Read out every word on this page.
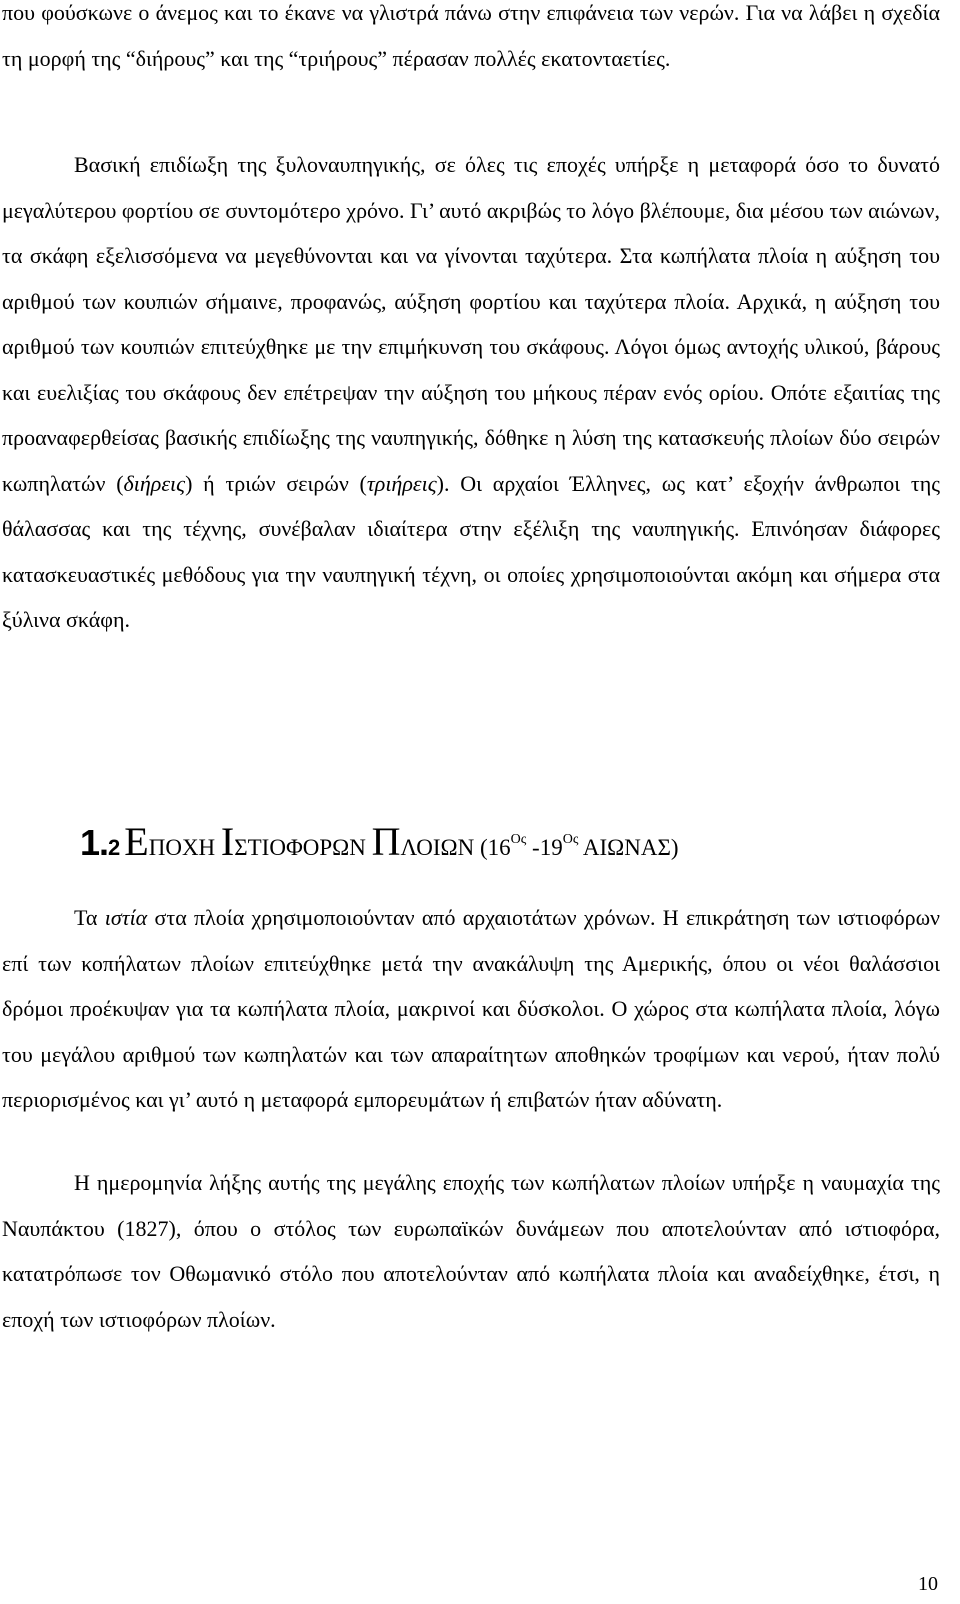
που φούσκωνε ο άνεμος και το έκανε να γλιστρά πάνω στην επιφάνεια των νερών. Για να λάβει η σχεδία τη μορφή της “διήρους” και της “τριήρους” πέρασαν πολλές εκατονταετίες.

Βασική επιδίωξη της ξυλοναυπηγικής, σε όλες τις εποχές υπήρξε η μεταφορά όσο το δυνατό μεγαλύτερου φορτίου σε συντομότερο χρόνο. Γι’ αυτό ακριβώς το λόγο βλέπουμε, δια μέσου των αιώνων, τα σκάφη εξελισσόμενα να μεγεθύνονται και να γίνονται ταχύτερα. Στα κωπήλατα πλοία η αύξηση του αριθμού των κουπιών σήμαινε, προφανώς, αύξηση φορτίου και ταχύτερα πλοία. Αρχικά, η αύξηση του αριθμού των κουπιών επιτεύχθηκε με την επιμήκυνση του σκάφους. Λόγοι όμως αντοχής υλικού, βάρους και ευελιξίας του σκάφους δεν επέτρεψαν την αύξηση του μήκους πέραν ενός ορίου. Οπότε εξαιτίας της προαναφερθείσας βασικής επιδίωξης της ναυπηγικής, δόθηκε η λύση της κατασκευής πλοίων δύο σειρών κωπηλατών (διήρεις) ή τριών σειρών (τριήρεις). Οι αρχαίοι Έλληνες, ως κατ’ εξοχήν άνθρωποι της θάλασσας και της τέχνης, συνέβαλαν ιδιαίτερα στην εξέλιξη της ναυπηγικής. Επινόησαν διάφορες κατασκευαστικές μεθόδους για την ναυπηγική τέχνη, οι οποίες χρησιμοποιούνται ακόμη και σήμερα στα ξύλινα σκάφη.

1.2 ΕΠΟΧΗ ΙΣΤΙΟΦΟΡΩΝ ΠΛΟΙΩΝ (16Ος -19Ος ΑΙΩΝΑΣ)

Τα ιστία στα πλοία χρησιμοποιούνταν από αρχαιοτάτων χρόνων. Η επικράτηση των ιστιοφόρων επί των κοπήλατων πλοίων επιτεύχθηκε μετά την ανακάλυψη της Αμερικής, όπου οι νέοι θαλάσσιοι δρόμοι προέκυψαν για τα κωπήλατα πλοία, μακρινοί και δύσκολοι. Ο χώρος στα κωπήλατα πλοία, λόγω του μεγάλου αριθμού των κωπηλατών και των απαραίτητων αποθηκών τροφίμων και νερού, ήταν πολύ περιορισμένος και γι’ αυτό η μεταφορά εμπορευμάτων ή επιβατών ήταν αδύνατη.

Η ημερομηνία λήξης αυτής της μεγάλης εποχής των κωπήλατων πλοίων υπήρξε η ναυμαχία της Ναυπάκτου (1827), όπου ο στόλος των ευρωπαϊκών δυνάμεων που αποτελούνταν από ιστιοφόρα, κατατρόπωσε τον Οθωμανικό στόλο που αποτελούνταν από κωπήλατα πλοία και αναδείχθηκε, έτσι, η εποχή των ιστιοφόρων πλοίων.

10
